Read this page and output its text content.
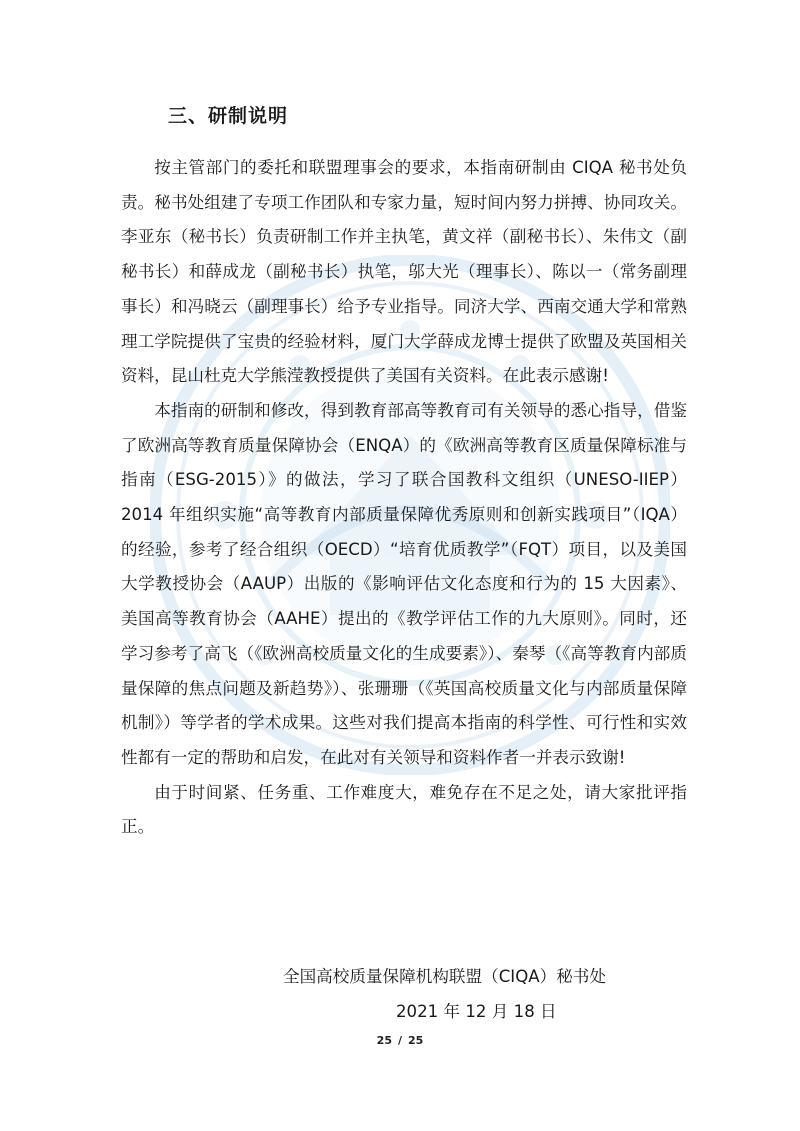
三、研制说明

按主管部门的委托和联盟理事会的要求，本指南研制由 CIQA 秘书处负责。秘书处组建了专项工作团队和专家力量，短时间内努力拼搏、协同攻关。李亚东（秘书长）负责研制工作并主执笔，黄文祥（副秘书长）、朱伟文（副秘书长）和薛成龙（副秘书长）执笔，邬大光（理事长）、陈以一（常务副理事长）和冯晓云（副理事长）给予专业指导。同济大学、西南交通大学和常熟理工学院提供了宝贵的经验材料，厦门大学薛成龙博士提供了欧盟及英国相关资料，昆山杜克大学熊滢教授提供了美国有关资料。在此表示感谢!

本指南的研制和修改，得到教育部高等教育司有关领导的悉心指导，借鉴了欧洲高等教育质量保障协会（ENQA）的《欧洲高等教育区质量保障标准与指南（ESG-2015）》的做法，学习了联合国教科文组织（UNESO-IIEP）2014 年组织实施“高等教育内部质量保障优秀原则和创新实践项目”（IQA）的经验，参考了经合组织（OECD）“培育优质教学”（FQT）项目，以及美国大学教授协会（AAUP）出版的《影响评估文化态度和行为的 15 大因素》、美国高等教育协会（AAHE）提出的《教学评估工作的九大原则》。同时，还学习参考了高飞（《欧洲高校质量文化的生成要素》）、秦琴（《高等教育内部质量保障的焦点问题及新趋势》）、张珊珊（《英国高校质量文化与内部质量保障机制》）等学者的学术成果。这些对我们提高本指南的科学性、可行性和实效性都有一定的帮助和启发，在此对有关领导和资料作者一并表示致谢!

由于时间紧、任务重、工作难度大，难免存在不足之处，请大家批评指正。

全国高校质量保障机构联盟（CIQA）秘书处
2021 年 12 月 18 日
25 / 25
